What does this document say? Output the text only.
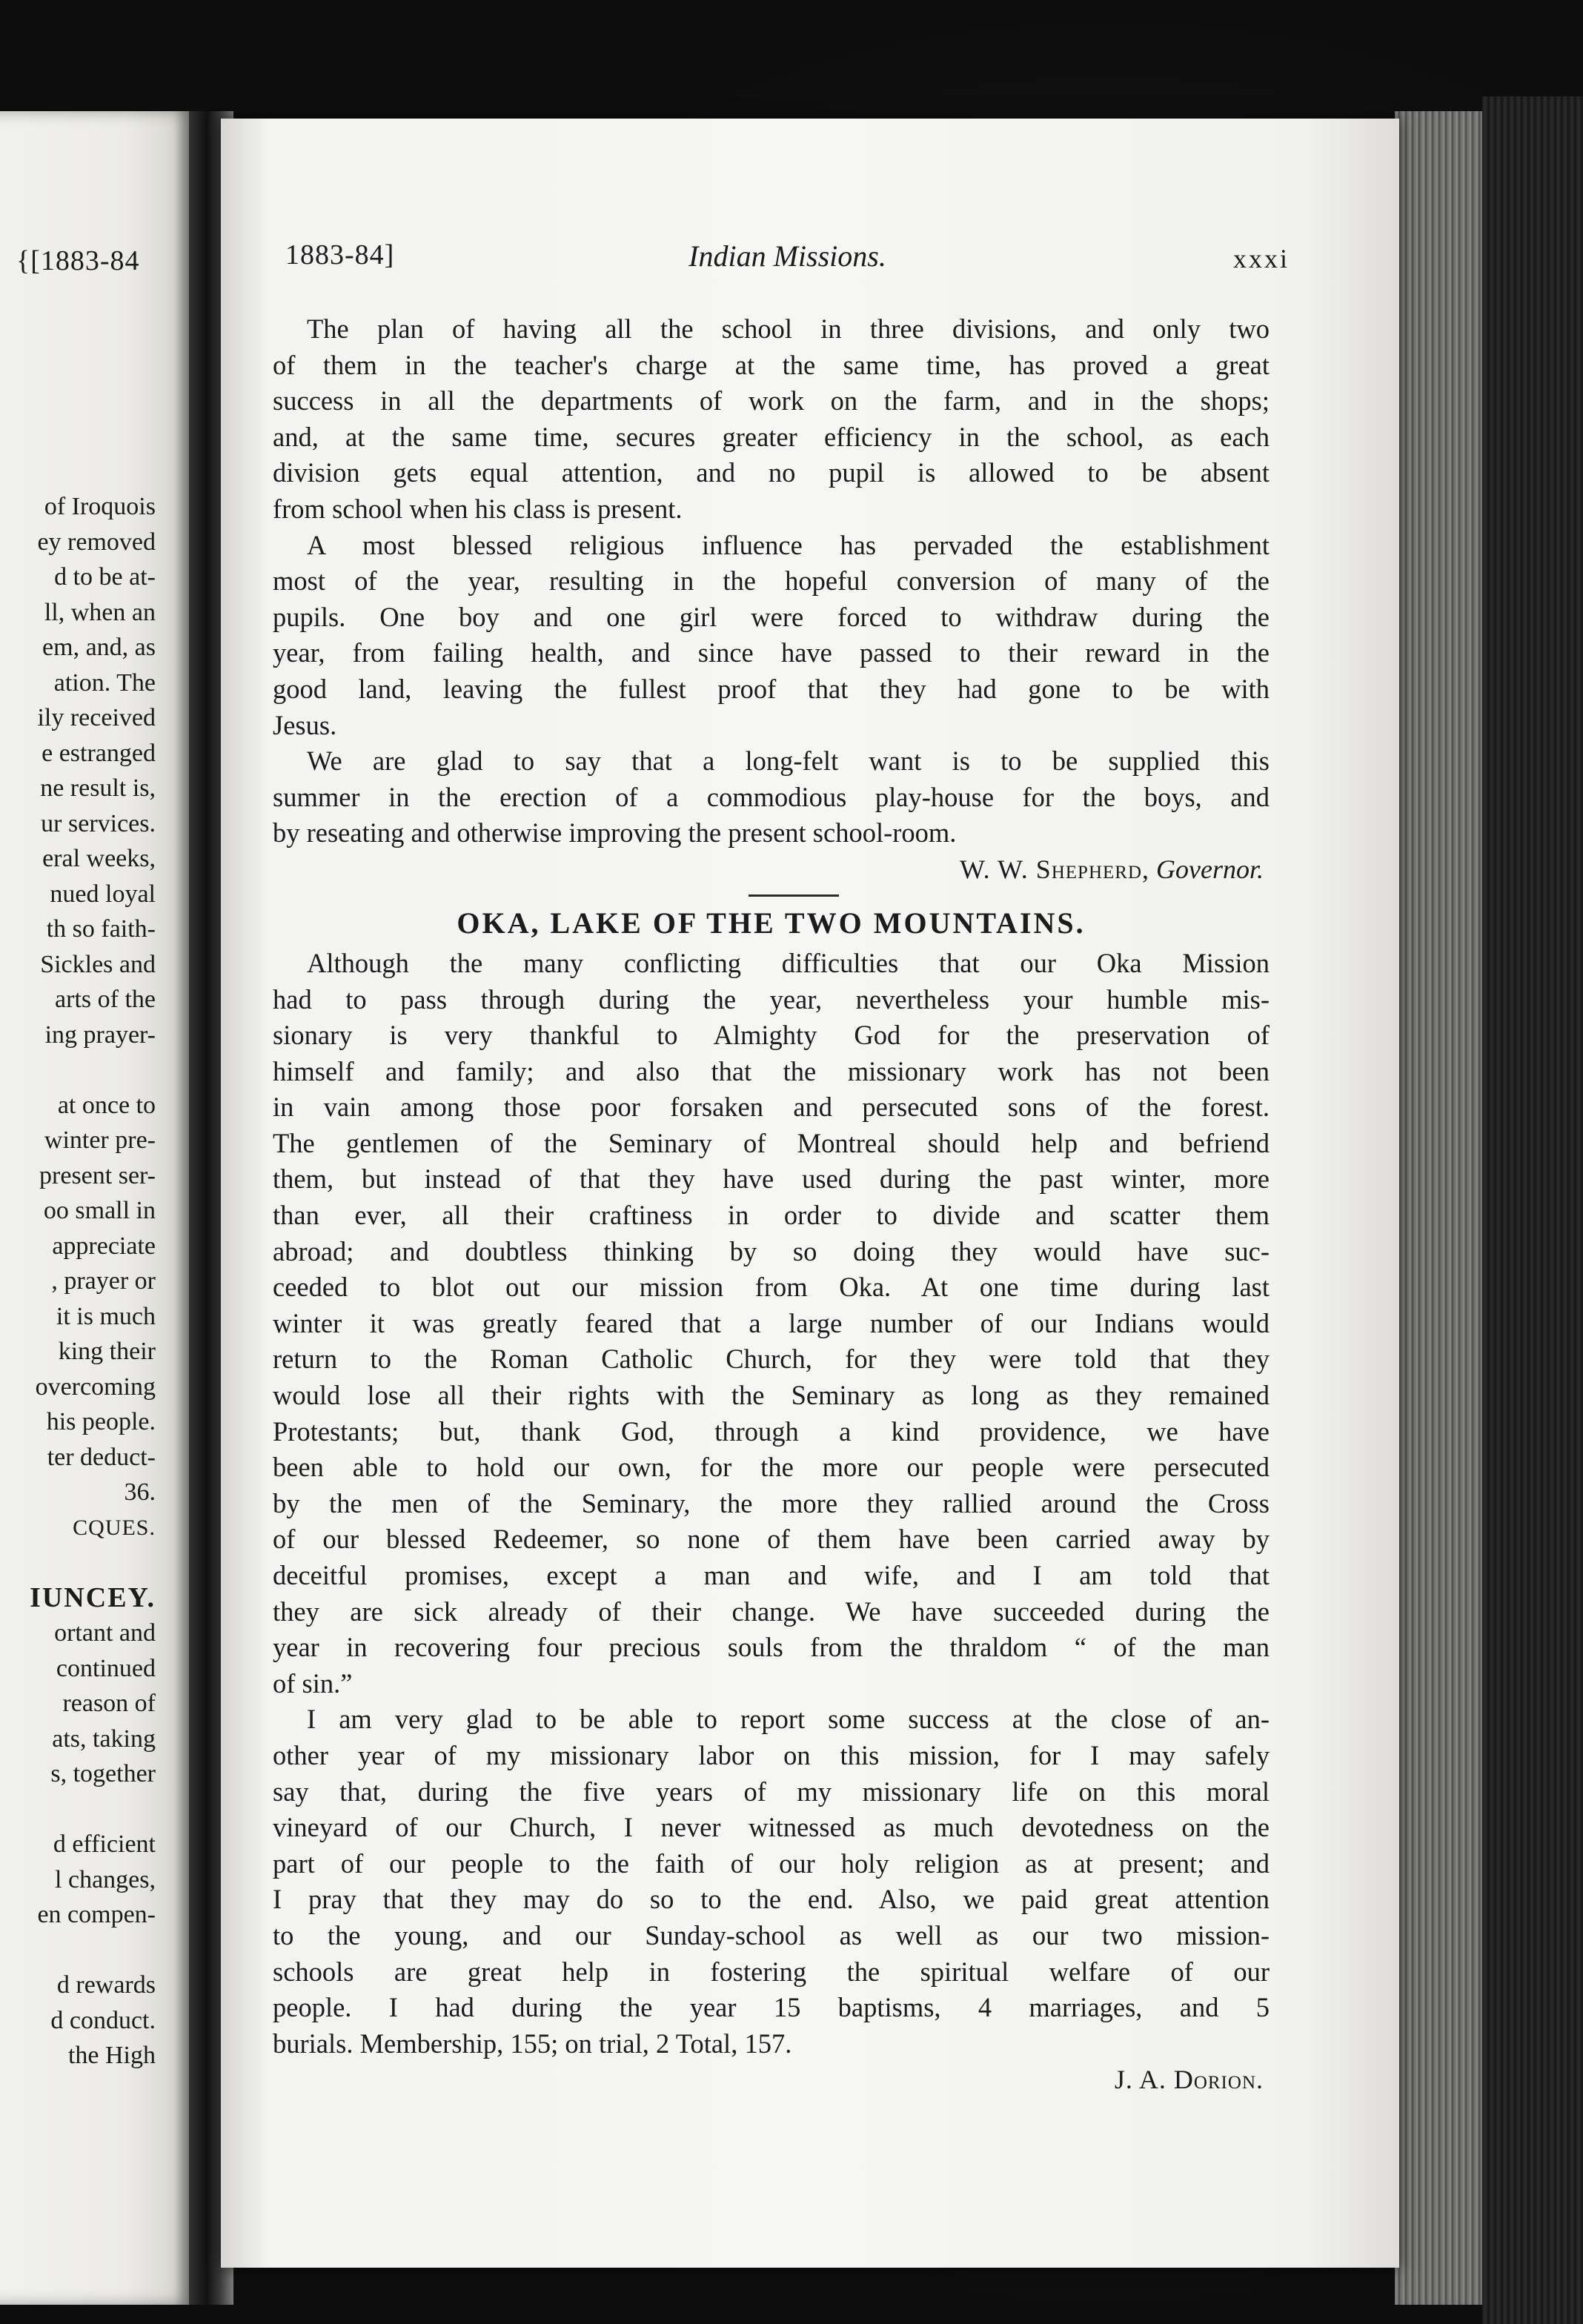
{[1883-84
of Iroquois
ey removed
d to be at-
ll, when an
em, and, as
ation. The
ily received
e estranged
ne result is,
ur services.
eral weeks,
nued loyal
th so faith-
Sickles and
arts of the
ing prayer-
at once to
winter pre-
present ser-
oo small in
appreciate
, prayer or
it is much
king their
overcoming
his people.
ter deduct-
36.
CQUES.
IUNCEY.
ortant and
continued
reason of
ats, taking
s, together
d efficient
l changes,
en compen-
d rewards
d conduct.
the High
1883-84]	Indian Missions.	xxxi
The plan of having all the school in three divisions, and only two
of them in the teacher's charge at the same time, has proved a great
success in all the departments of work on the farm, and in the shops;
and, at the same time, secures greater efficiency in the school, as each
division gets equal attention, and no pupil is allowed to be absent
from school when his class is present.
A most blessed religious influence has pervaded the establishment
most of the year, resulting in the hopeful conversion of many of the
pupils. One boy and one girl were forced to withdraw during the
year, from failing health, and since have passed to their reward in the
good land, leaving the fullest proof that they had gone to be with
Jesus.
We are glad to say that a long-felt want is to be supplied this
summer in the erection of a commodious play-house for the boys, and
by reseating and otherwise improving the present school-room.
W. W. Shepherd, Governor.
OKA, LAKE OF THE TWO MOUNTAINS.
Although the many conflicting difficulties that our Oka Mission
had to pass through during the year, nevertheless your humble mis-
sionary is very thankful to Almighty God for the preservation of
himself and family; and also that the missionary work has not been
in vain among those poor forsaken and persecuted sons of the forest.
The gentlemen of the Seminary of Montreal should help and befriend
them, but instead of that they have used during the past winter, more
than ever, all their craftiness in order to divide and scatter them
abroad; and doubtless thinking by so doing they would have suc-
ceeded to blot out our mission from Oka. At one time during last
winter it was greatly feared that a large number of our Indians would
return to the Roman Catholic Church, for they were told that they
would lose all their rights with the Seminary as long as they remained
Protestants; but, thank God, through a kind providence, we have
been able to hold our own, for the more our people were persecuted
by the men of the Seminary, the more they rallied around the Cross
of our blessed Redeemer, so none of them have been carried away by
deceitful promises, except a man and wife, and I am told that
they are sick already of their change. We have succeeded during the
year in recovering four precious souls from the thraldom “ of the man
of sin.”
I am very glad to be able to report some success at the close of an-
other year of my missionary labor on this mission, for I may safely
say that, during the five years of my missionary life on this moral
vineyard of our Church, I never witnessed as much devotedness on the
part of our people to the faith of our holy religion as at present; and
I pray that they may do so to the end. Also, we paid great attention
to the young, and our Sunday-school as well as our two mission-
schools are great help in fostering the spiritual welfare of our
people. I had during the year 15 baptisms, 4 marriages, and 5
burials. Membership, 155; on trial, 2 Total, 157.
J. A. Dorion.
